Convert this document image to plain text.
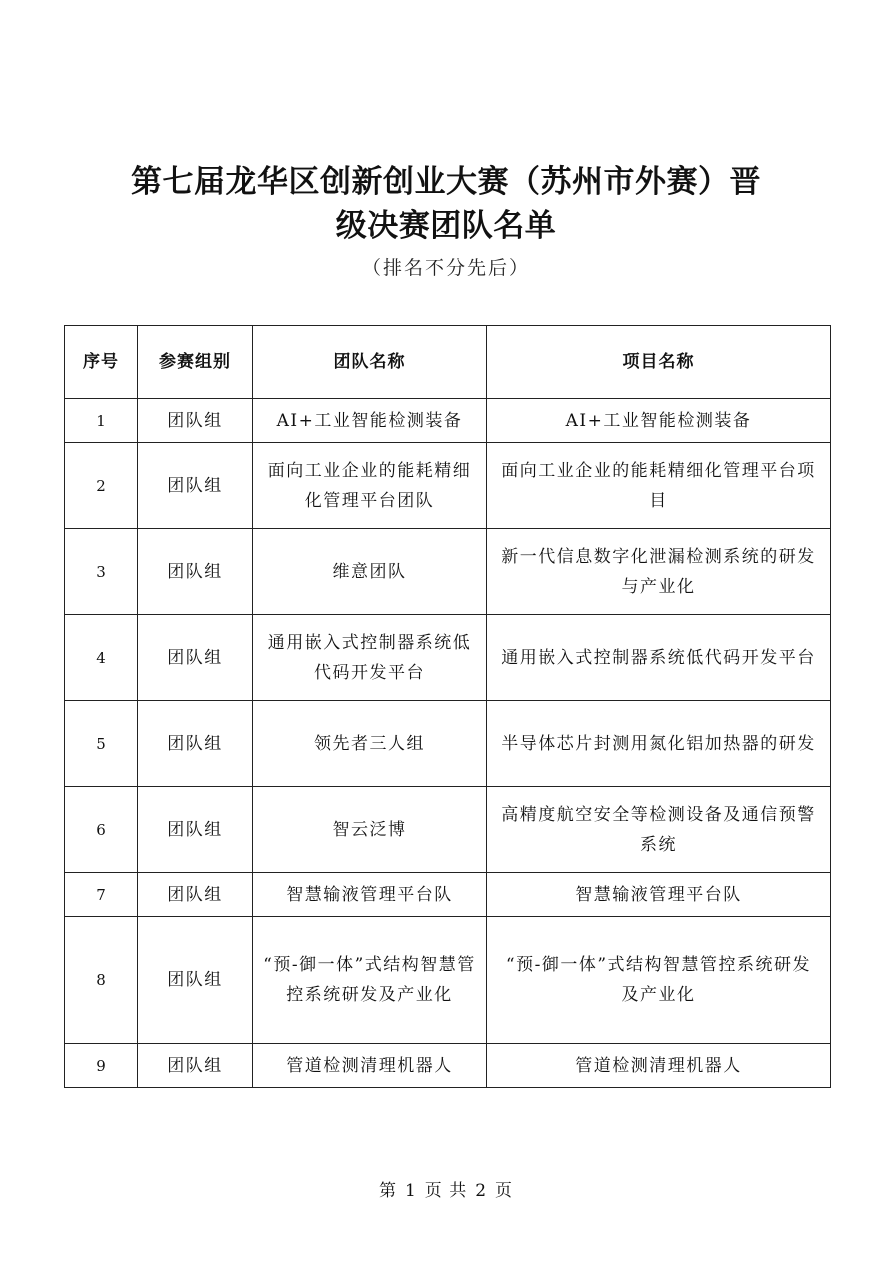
第七届龙华区创新创业大赛（苏州市外赛）晋
级决赛团队名单
（排名不分先后）
序号	参赛组别	团队名称	项目名称
1	团队组	AI+工业智能检测装备	AI+工业智能检测装备
2	团队组	面向工业企业的能耗精细化管理平台团队	面向工业企业的能耗精细化管理平台项目
3	团队组	维意团队	新一代信息数字化泄漏检测系统的研发与产业化
4	团队组	通用嵌入式控制器系统低代码开发平台	通用嵌入式控制器系统低代码开发平台
5	团队组	领先者三人组	半导体芯片封测用氮化铝加热器的研发
6	团队组	智云泛博	高精度航空安全等检测设备及通信预警系统
7	团队组	智慧输液管理平台队	智慧输液管理平台队
8	团队组	“预-御一体”式结构智慧管控系统研发及产业化	“预-御一体”式结构智慧管控系统研发及产业化
9	团队组	管道检测清理机器人	管道检测清理机器人
第 1 页 共 2 页
